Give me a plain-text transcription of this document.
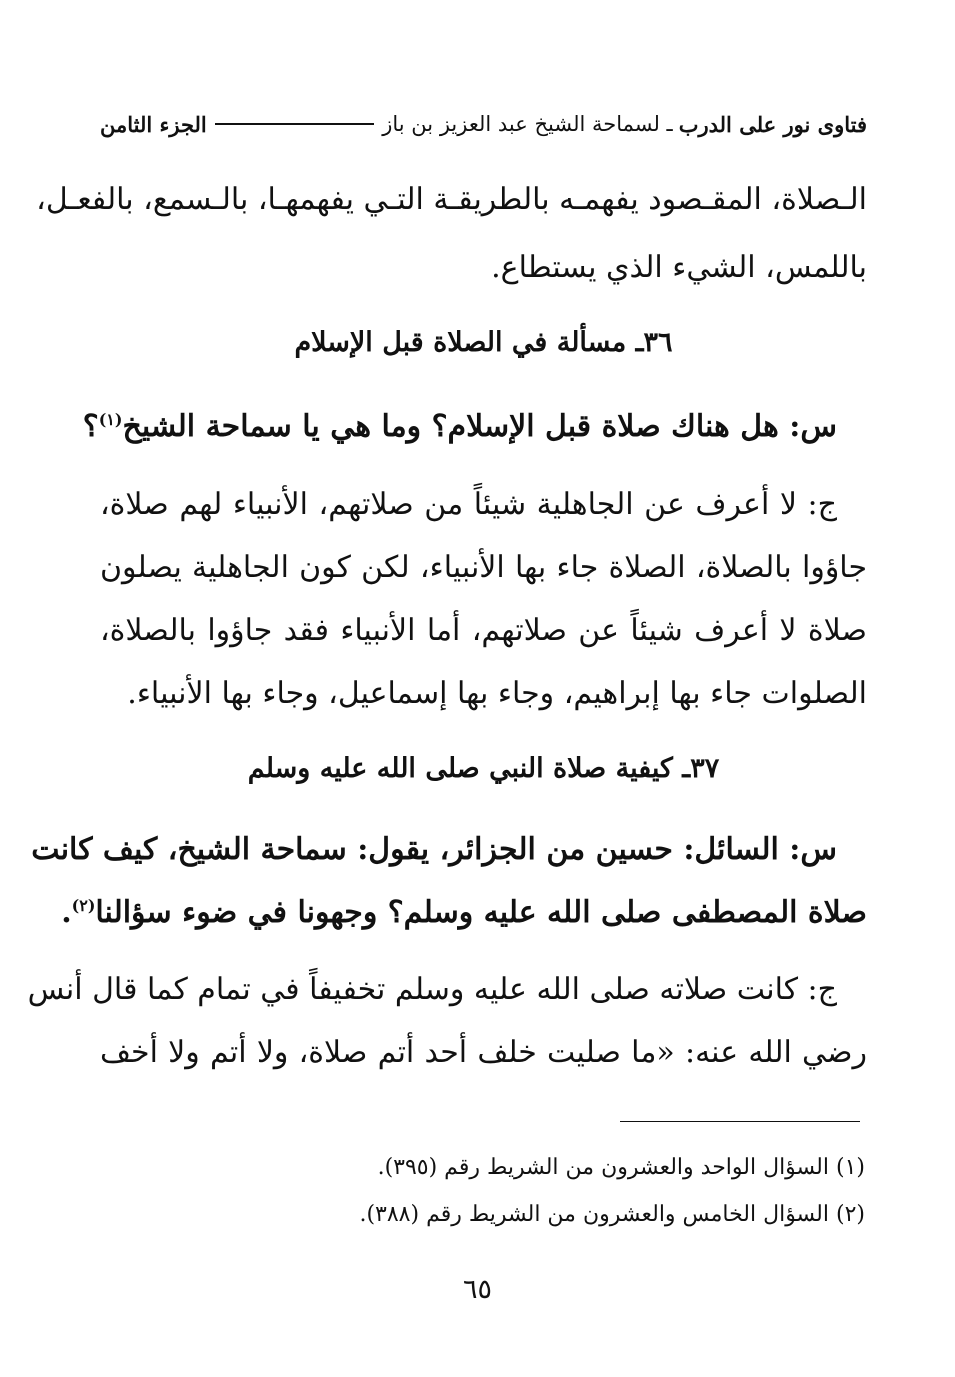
فتاوى نور على الدرب
ـ لسماحة الشيخ عبد العزيز بن باز
الجزء الثامن

الـصلاة، المقـصود يفهمـه بالطريقـة التـي يفهمهـا، بالـسمع، بالفعـل،

باللمس، الشيء الذي يستطاع.

٣٦ـ مسألة في الصلاة قبل الإسلام

س: هل هناك صلاة قبل الإسلام؟ وما هي يا سماحة الشيخ$^{(١)}$؟

ج: لا أعرف عن الجاهلية شيئاً من صلاتهم، الأنبياء لهم صلاة،

جاؤوا بالصلاة، الصلاة جاء بها الأنبياء، لكن كون الجاهلية يصلون

صلاة لا أعرف شيئاً عن صلاتهم، أما الأنبياء فقد جاؤوا بالصلاة،

الصلوات جاء بها إبراهيم، وجاء بها إسماعيل، وجاء بها الأنبياء.

٣٧ـ كيفية صلاة النبي صلى الله عليه وسلم

س: السائل: حسين من الجزائر، يقول: سماحة الشيخ، كيف كانت

صلاة المصطفى صلى الله عليه وسلم؟ وجهونا في ضوء سؤالنا$^{(٢)}$.

ج: كانت صلاته صلى الله عليه وسلم تخفيفاً في تمام كما قال أنس

رضي الله عنه: «ما صليت خلف أحد أتم صلاة، ولا أتم ولا أخف

(١) السؤال الواحد والعشرون من الشريط رقم (٣٩٥).

(٢) السؤال الخامس والعشرون من الشريط رقم (٣٨٨).

٦٥
